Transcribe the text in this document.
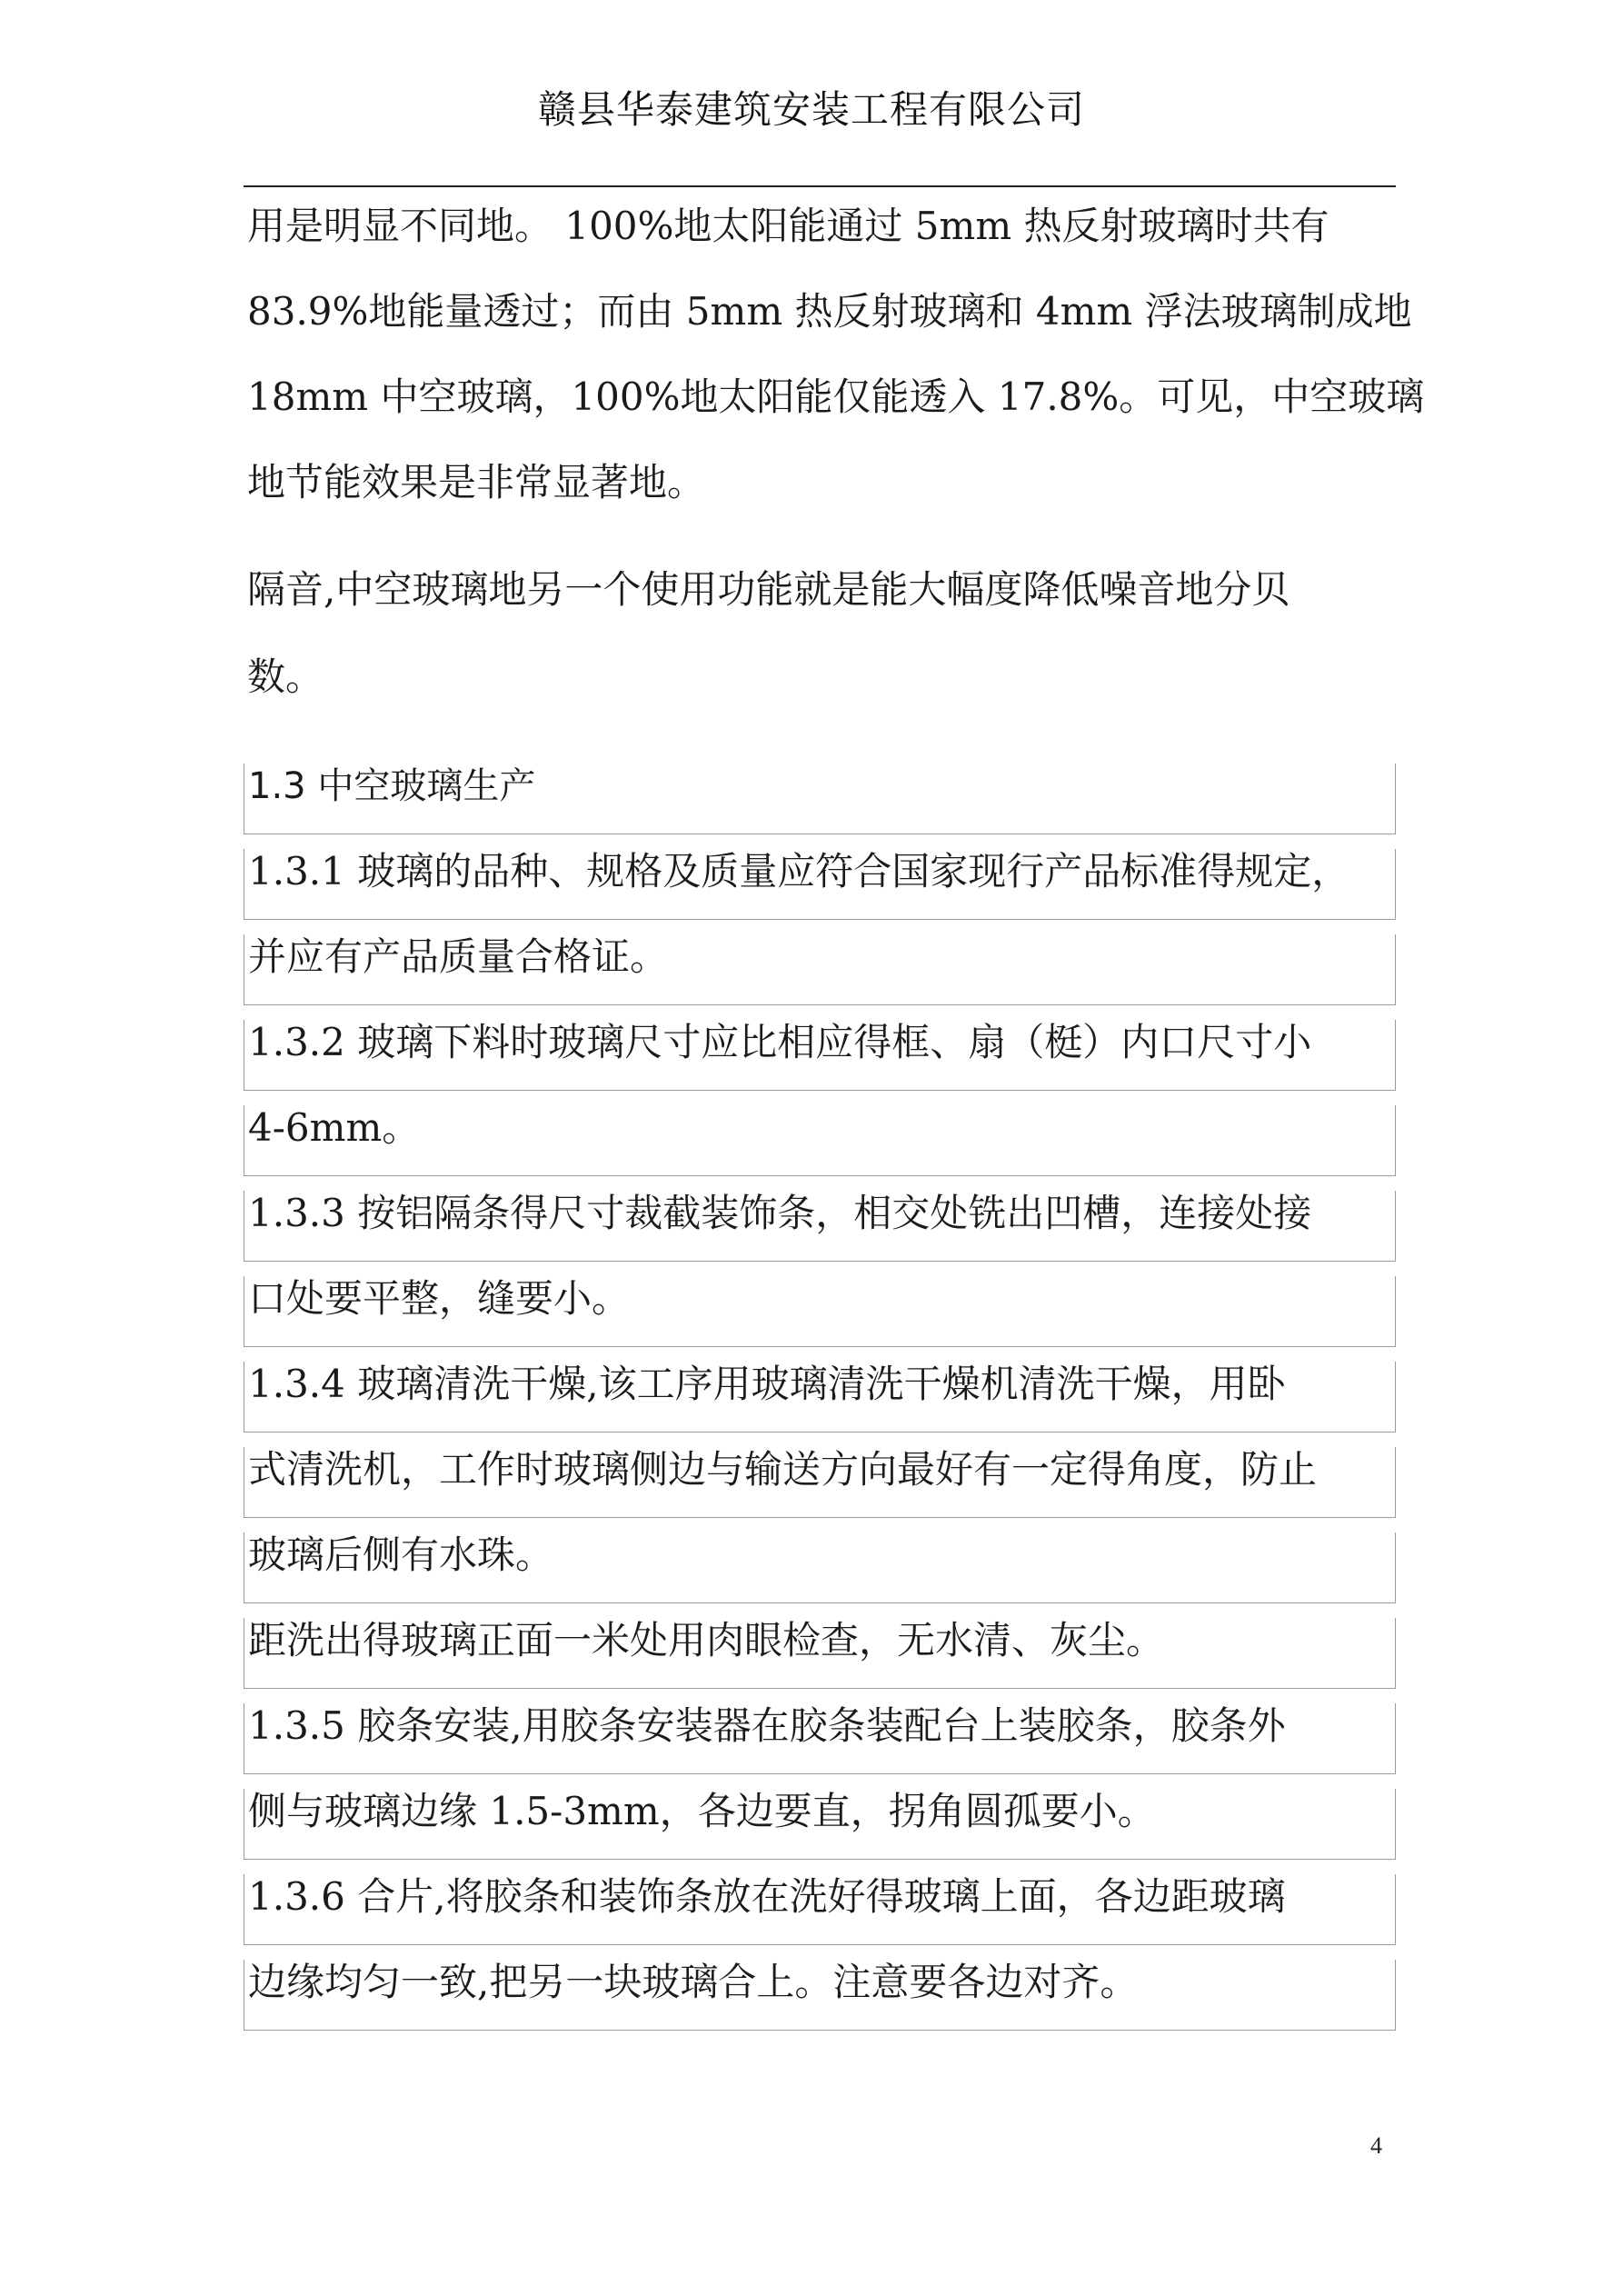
赣县华泰建筑安装工程有限公司
用是明显不同地。 100%地太阳能通过 5mm 热反射玻璃时共有
83.9%地能量透过；而由 5mm 热反射玻璃和 4mm 浮法玻璃制成地
18mm 中空玻璃，100%地太阳能仅能透入 17.8%。可见，中空玻璃
地节能效果是非常显著地。
隔音,中空玻璃地另一个使用功能就是能大幅度降低噪音地分贝
数。
1.3 中空玻璃生产
1.3.1 玻璃的品种、规格及质量应符合国家现行产品标准得规定，
并应有产品质量合格证。
1.3.2 玻璃下料时玻璃尺寸应比相应得框、扇（梃）内口尺寸小
4-6mm。
1.3.3 按铝隔条得尺寸裁截装饰条，相交处铣出凹槽，连接处接
口处要平整，缝要小。
1.3.4 玻璃清洗干燥,该工序用玻璃清洗干燥机清洗干燥，用卧
式清洗机，工作时玻璃侧边与输送方向最好有一定得角度，防止
玻璃后侧有水珠。
距洗出得玻璃正面一米处用肉眼检查，无水清、灰尘。
1.3.5 胶条安装,用胶条安装器在胶条装配台上装胶条，胶条外
侧与玻璃边缘 1.5-3mm，各边要直，拐角圆孤要小。
1.3.6 合片,将胶条和装饰条放在洗好得玻璃上面，各边距玻璃
边缘均匀一致,把另一块玻璃合上。注意要各边对齐。
4
